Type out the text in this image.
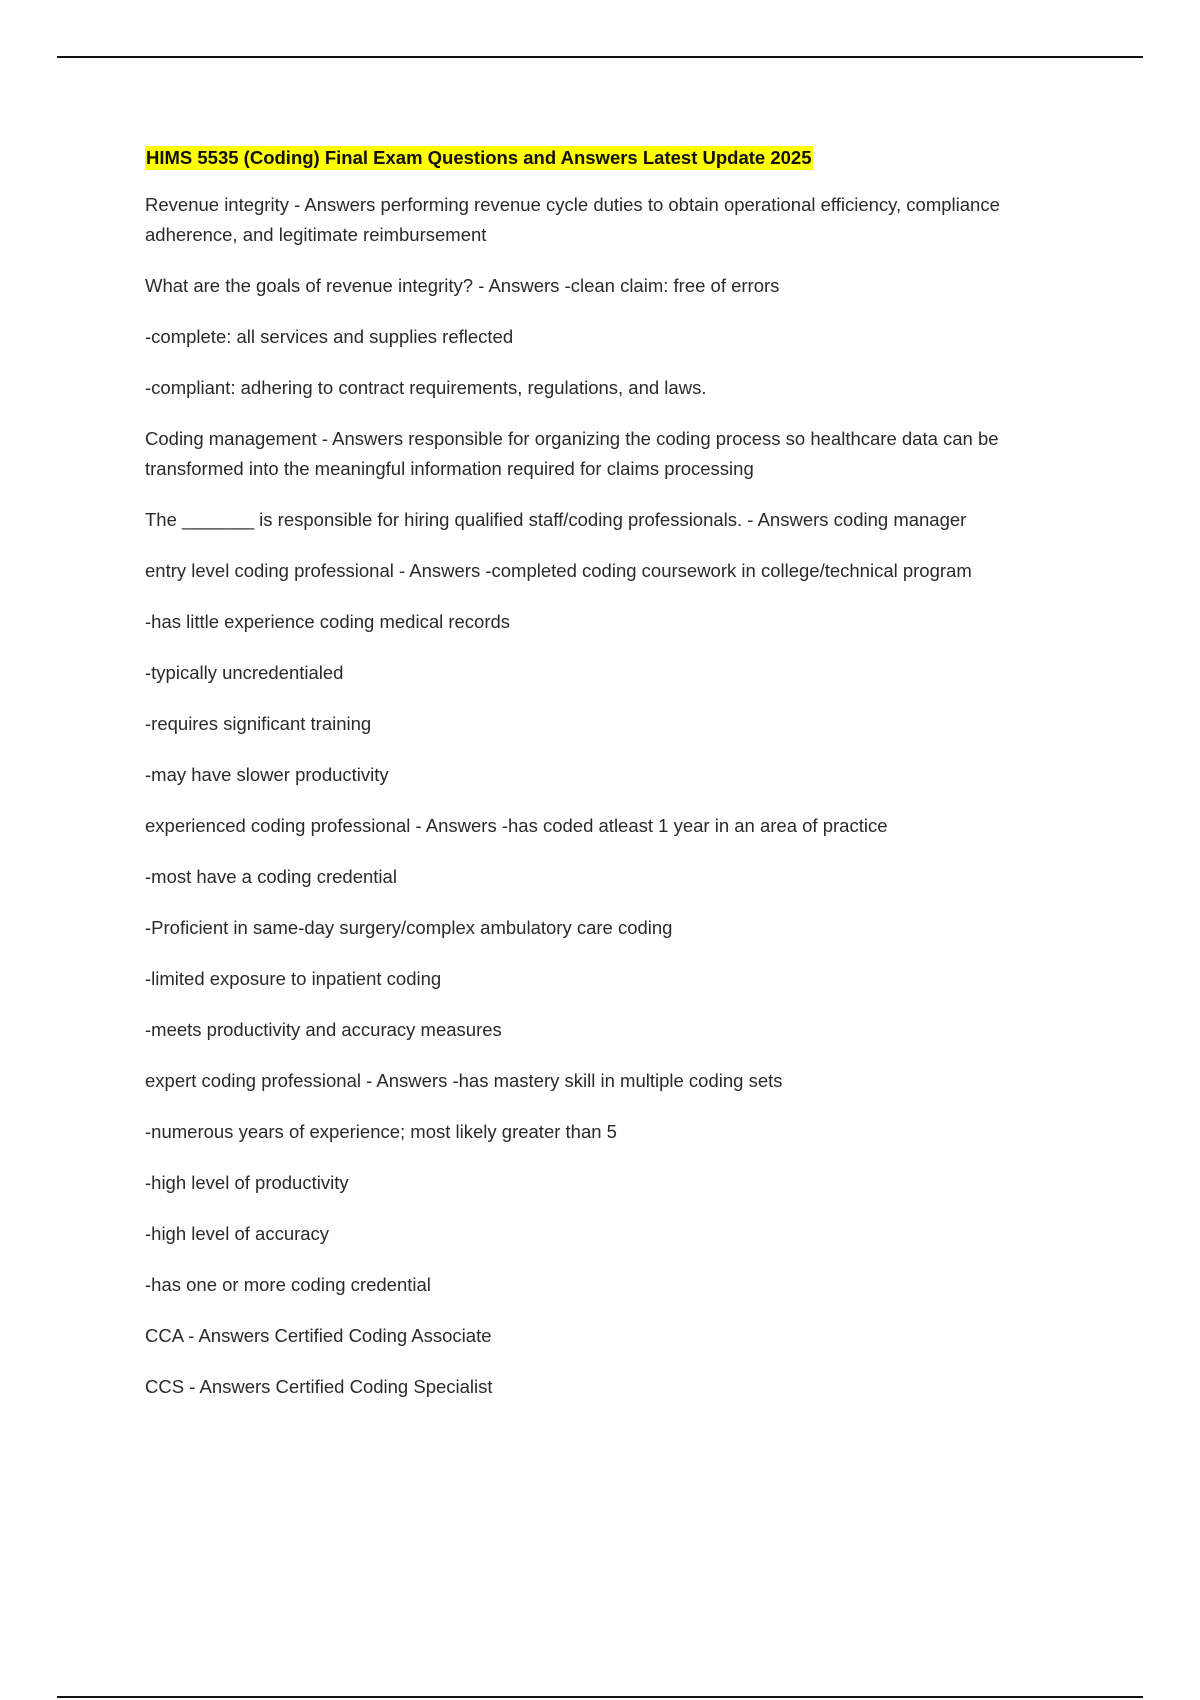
HIMS 5535 (Coding) Final Exam Questions and Answers Latest Update 2025

Revenue integrity - Answers performing revenue cycle duties to obtain operational efficiency, compliance adherence, and legitimate reimbursement

What are the goals of revenue integrity? - Answers -clean claim: free of errors

-complete: all services and supplies reflected

-compliant: adhering to contract requirements, regulations, and laws.

Coding management - Answers responsible for organizing the coding process so healthcare data can be transformed into the meaningful information required for claims processing

The _______ is responsible for hiring qualified staff/coding professionals. - Answers coding manager

entry level coding professional - Answers -completed coding coursework in college/technical program

-has little experience coding medical records

-typically uncredentialed

-requires significant training

-may have slower productivity

experienced coding professional - Answers -has coded atleast 1 year in an area of practice

-most have a coding credential

-Proficient in same-day surgery/complex ambulatory care coding

-limited exposure to inpatient coding

-meets productivity and accuracy measures

expert coding professional - Answers -has mastery skill in multiple coding sets

-numerous years of experience; most likely greater than 5

-high level of productivity

-high level of accuracy

-has one or more coding credential

CCA - Answers Certified Coding Associate

CCS - Answers Certified Coding Specialist
